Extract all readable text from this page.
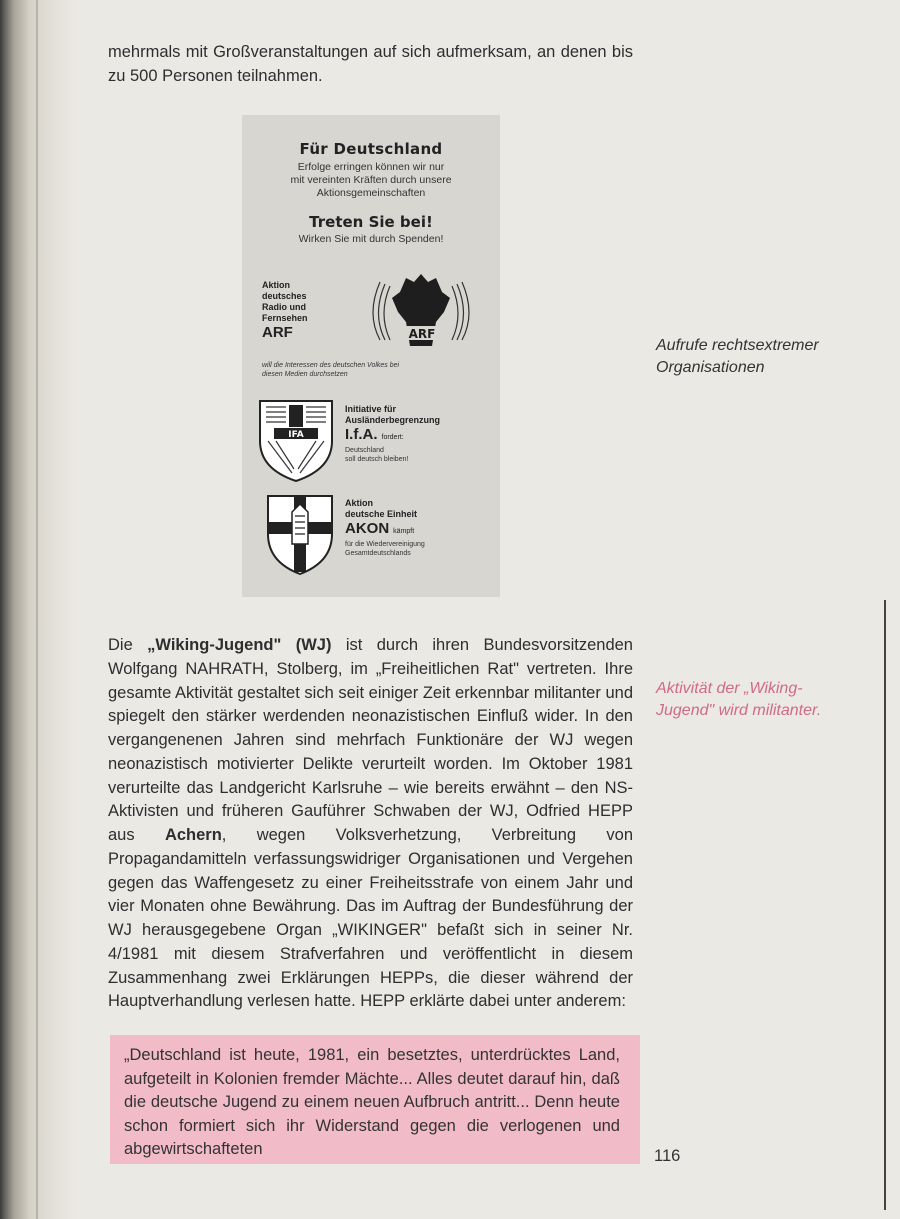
mehrmals mit Großveranstaltungen auf sich aufmerksam, an denen bis zu 500 Personen teilnahmen.

Für Deutschland
Erfolge erringen können wir nur
mit vereinten Kräften durch unsere
Aktionsgemeinschaften
Treten Sie bei!
Wirken Sie mit durch Spenden!
Aktion
deutsches
Radio und
Fernsehen
ARF
will die Interessen des deutschen Volkes bei
diesen Medien durchsetzen
ARF
IFA
Initiative für
Ausländerbegrenzung
I.f.A. fordert:
Deutschland
soll deutsch bleiben!
Aktion
deutsche Einheit
AKON kämpft
für die Wiedervereinigung
Gesamtdeutschlands
Aufrufe rechtsextremer
Organisationen

Die „Wiking-Jugend" (WJ) ist durch ihren Bundesvorsitzenden Wolfgang NAHRATH, Stolberg, im „Freiheitlichen Rat" vertreten. Ihre gesamte Aktivität gestaltet sich seit einiger Zeit erkennbar militanter und spiegelt den stärker werdenden neonazistischen Einfluß wider. In den vergangenenen Jahren sind mehrfach Funktionäre der WJ wegen neonazistisch motivierter Delikte verurteilt worden. Im Oktober 1981 verurteilte das Landgericht Karlsruhe – wie bereits erwähnt – den NS-Aktivisten und früheren Gauführer Schwaben der WJ, Odfried HEPP aus Achern, wegen Volksverhetzung, Verbreitung von Propagandamitteln verfassungswidriger Organisationen und Vergehen gegen das Waffengesetz zu einer Freiheitsstrafe von einem Jahr und vier Monaten ohne Bewährung. Das im Auftrag der Bundesführung der WJ herausgegebene Organ „WIKINGER" befaßt sich in seiner Nr. 4/1981 mit diesem Strafverfahren und veröffentlicht in diesem Zusammenhang zwei Erklärungen HEPPs, die dieser während der Hauptverhandlung verlesen hatte. HEPP erklärte dabei unter anderem:

Aktivität der „Wiking-
Jugend" wird militanter.

„Deutschland ist heute, 1981, ein besetztes, unterdrücktes Land, aufgeteilt in Kolonien fremder Mächte... Alles deutet darauf hin, daß die deutsche Jugend zu einem neuen Aufbruch antritt... Denn heute schon formiert sich ihr Widerstand gegen die verlogenen und abgewirtschafteten	116
